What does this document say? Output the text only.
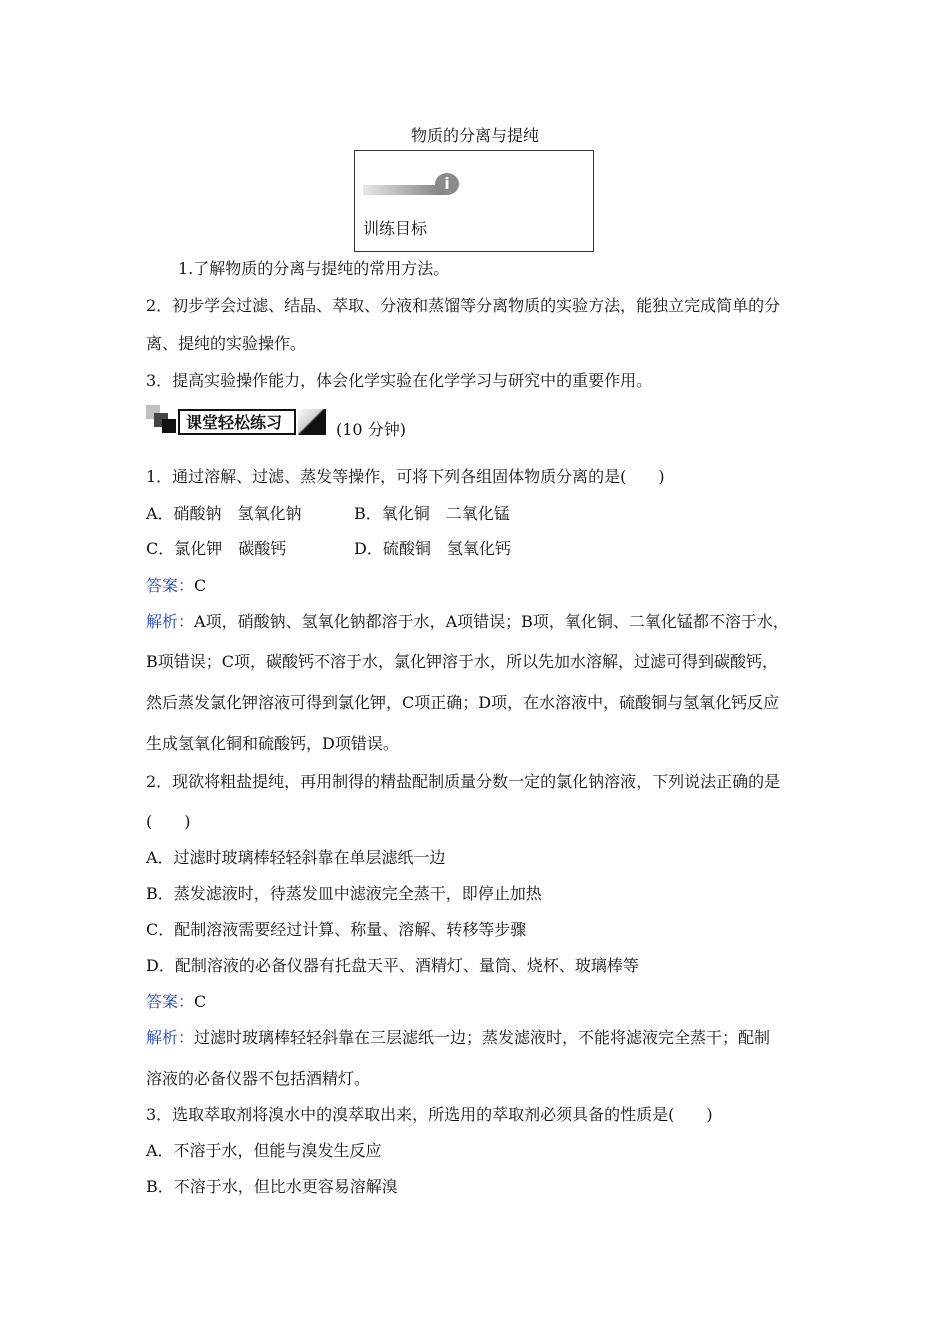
物质的分离与提纯
i
训练目标
1.了解物质的分离与提纯的常用方法。
2．初步学会过滤、结晶、萃取、分液和蒸馏等分离物质的实验方法，能独立完成简单的分
离、提纯的实验操作。
3．提高实验操作能力，体会化学实验在化学学习与研究中的重要作用。
课堂轻松练习	(10 分钟)
1．通过溶解、过滤、蒸发等操作，可将下列各组固体物质分离的是(　　)
A．硝酸钠　氢氧化钠	B．氧化铜　二氧化锰
C．氯化钾　碳酸钙	D．硫酸铜　氢氧化钙
答案：C
解析：A项，硝酸钠、氢氧化钠都溶于水，A项错误；B项，氧化铜、二氧化锰都不溶于水，
B项错误；C项，碳酸钙不溶于水，氯化钾溶于水，所以先加水溶解，过滤可得到碳酸钙，
然后蒸发氯化钾溶液可得到氯化钾，C项正确；D项，在水溶液中，硫酸铜与氢氧化钙反应
生成氢氧化铜和硫酸钙，D项错误。
2．现欲将粗盐提纯，再用制得的精盐配制质量分数一定的氯化钠溶液，下列说法正确的是
(　　)
A．过滤时玻璃棒轻轻斜靠在单层滤纸一边
B．蒸发滤液时，待蒸发皿中滤液完全蒸干，即停止加热
C．配制溶液需要经过计算、称量、溶解、转移等步骤
D．配制溶液的必备仪器有托盘天平、酒精灯、量筒、烧杯、玻璃棒等
答案：C
解析：过滤时玻璃棒轻轻斜靠在三层滤纸一边；蒸发滤液时，不能将滤液完全蒸干；配制
溶液的必备仪器不包括酒精灯。
3．选取萃取剂将溴水中的溴萃取出来，所选用的萃取剂必须具备的性质是(　　)
A．不溶于水，但能与溴发生反应
B．不溶于水，但比水更容易溶解溴
